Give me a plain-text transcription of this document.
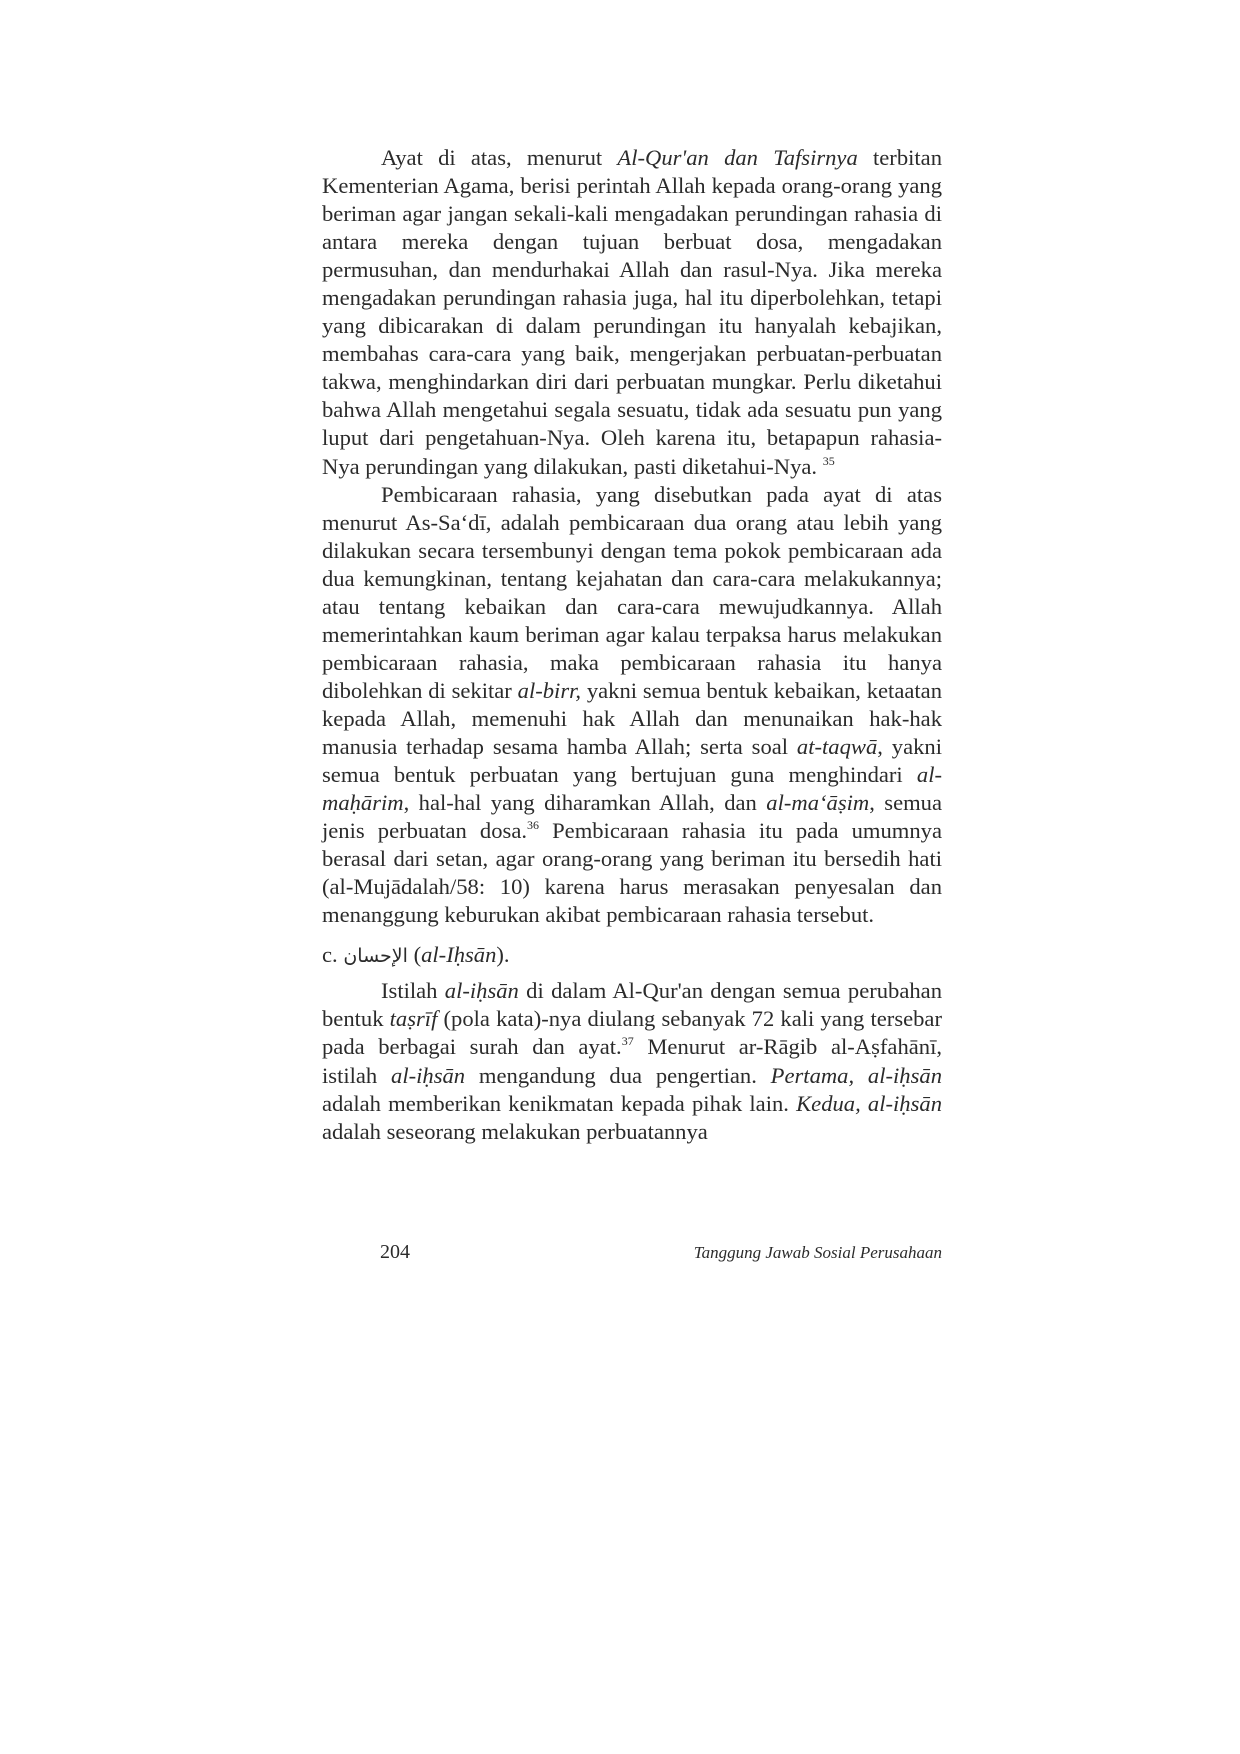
Ayat di atas, menurut Al-Qur'an dan Tafsirnya terbitan Kementerian Agama, berisi perintah Allah kepada orang-orang yang beriman agar jangan sekali-kali mengadakan perundingan rahasia di antara mereka dengan tujuan berbuat dosa, mengadakan permusuhan, dan mendurhakai Allah dan rasul-Nya. Jika mereka mengadakan perundingan rahasia juga, hal itu diperbolehkan, tetapi yang dibicarakan di dalam perundingan itu hanyalah kebajikan, membahas cara-cara yang baik, mengerjakan perbuatan-perbuatan takwa, menghindarkan diri dari perbuatan mungkar. Perlu diketahui bahwa Allah mengetahui segala sesuatu, tidak ada sesuatu pun yang luput dari pengetahuan-Nya. Oleh karena itu, betapapun rahasia-Nya perundingan yang dilakukan, pasti diketahui-Nya. $^{35}$

Pembicaraan rahasia, yang disebutkan pada ayat di atas menurut As-Sa‘dī, adalah pembicaraan dua orang atau lebih yang dilakukan secara tersembunyi dengan tema pokok pembicaraan ada dua kemungkinan, tentang kejahatan dan cara-cara melakukannya; atau tentang kebaikan dan cara-cara mewujudkannya. Allah memerintahkan kaum beriman agar kalau terpaksa harus melakukan pembicaraan rahasia, maka pembicaraan rahasia itu hanya dibolehkan di sekitar al-birr, yakni semua bentuk kebaikan, ketaatan kepada Allah, memenuhi hak Allah dan menunaikan hak-hak manusia terhadap sesama hamba Allah; serta soal at-taqwā, yakni semua bentuk perbuatan yang bertujuan guna menghindari al-maḥārim, hal-hal yang diharamkan Allah, dan al-ma‘āṣim, semua jenis perbuatan dosa.$^{36}$ Pembicaraan rahasia itu pada umumnya berasal dari setan, agar orang-orang yang beriman itu bersedih hati (al-Mujādalah/58: 10) karena harus merasakan penyesalan dan menanggung keburukan akibat pembicaraan rahasia tersebut.

c. الإحسان (al-Iḥsān).

Istilah al-iḥsān di dalam Al-Qur'an dengan semua perubahan bentuk taṣrīf (pola kata)-nya diulang sebanyak 72 kali yang tersebar pada berbagai surah dan ayat.$^{37}$ Menurut ar-Rāgib al-Aṣfahānī, istilah al-iḥsān mengandung dua pengertian. Pertama, al-iḥsān adalah memberikan kenikmatan kepada pihak lain. Kedua, al-iḥsān adalah seseorang melakukan perbuatannya

204	Tanggung Jawab Sosial Perusahaan
